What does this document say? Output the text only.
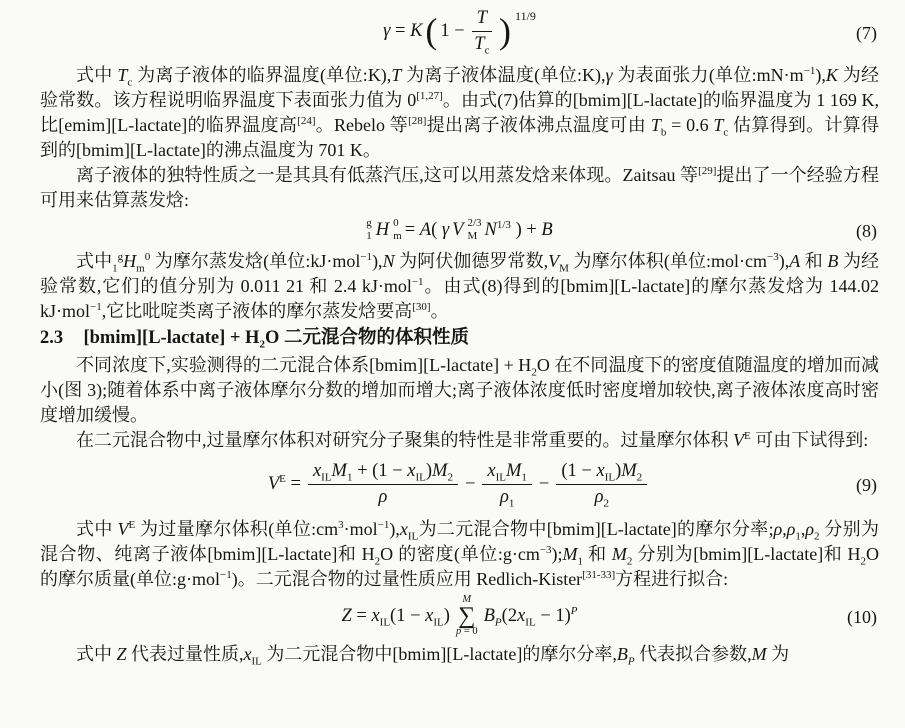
γ = K ( $1 - \frac{T}{T_c}$ ) 11/9
(7)

式中 $T_c$ 为离子液体的临界温度(单位:K),T 为离子液体温度(单位:K),γ 为表面张力(单位$:mN\cdot m^{-1}),K$ 为经验常数。该方程说明临界温度下表面张力值为 0[1,27]。由式(7)估算的[bmim][L-lactate]的临界温度为 1 169 K,比[emim][L-lactate]的临界温度高[24]。Rebelo 等[28]提出离子液体沸点温度可由 $T_b = 0.6$ $T_c$ 估算得到。计算得到的[bmim][L-lactate]的沸点温度为 701 K。

离子液体的独特性质之一是其具有低蒸汽压,这可以用蒸发焓来体现。Zaitsau 等[29]提出了一个经验方程可用来估算蒸发焓:

g
1 H 0
m = A( γ V 2/3
M $N^{1/3}$ ) + B	(8)

式中$_1^gH_m^0$ 为摩尔蒸发焓(单位:kJ·mol$^{-1}$),N 为阿伏伽德罗常数$,V_M$ 为摩尔体积(单位$:mol\cdot cm^{-3}),A$ 和 B 为经验常数,它们的值分别为 0.011 21 和 2.4 kJ·mol$^{-1}$。由式(8)得到的[bmim][L-lactate]的摩尔蒸发焓为 144.02 kJ·mol$^{-1}$,它比吡啶类离子液体的摩尔蒸发焓要高[30]。

2.3 [bmim][L-lactate] + $H_2O$ 二元混合物的体积性质

不同浓度下,实验测得的二元混合体系[bmim][L-lactate] + $H_2O$ 在不同温度下的密度值随温度的增加而减小(图 3);随着体系中离子液体摩尔分数的增加而增大;离子液体浓度低时密度增加较快,离子液体浓度高时密度增加缓慢。

在二元混合物中,过量摩尔体积对研究分子聚集的特性是非常重要的。过量摩尔体积 $V^E$ 可由下试得到:

$V^E = \frac{x_{IL}M_1 + (1 - x_{IL})M_2}{\rho} - \frac{x_{IL}M_1}{\rho_1} - \frac{(1 - x_{IL})M_2}{\rho_2}$	(9)

式中 $V^E$ 为过量摩尔体积(单位$:cm^3\cdot mol^{-1}),x_{IL}$为二元混合物中[bmim][L-lactate]的摩尔分率$;\rho,\rho_1,\rho_2$ 分别为混合物、纯离子液体[bmim][L-lactate]和 $H_2O$ 的密度(单位$:g\cdot cm^{-3});M_1$ 和 $M_2$ 分别为[bmim][L-lactate]和 $H_2O$ 的摩尔质量(单位:g·mol$^{-1}$)。二元混合物的过量性质应用 Redlich-Kister[31-33]方程进行拟合:

$Z = x_{IL}(1 - x_{IL})$
M
∑
p = 0
$B_P(2x_{IL} - 1)^P$	(10)

式中 Z 代表过量性质$,x_{IL}$ 为二元混合物中[bmim][L-lactate]的摩尔分率$,B_P$ 代表拟合参数,M 为
